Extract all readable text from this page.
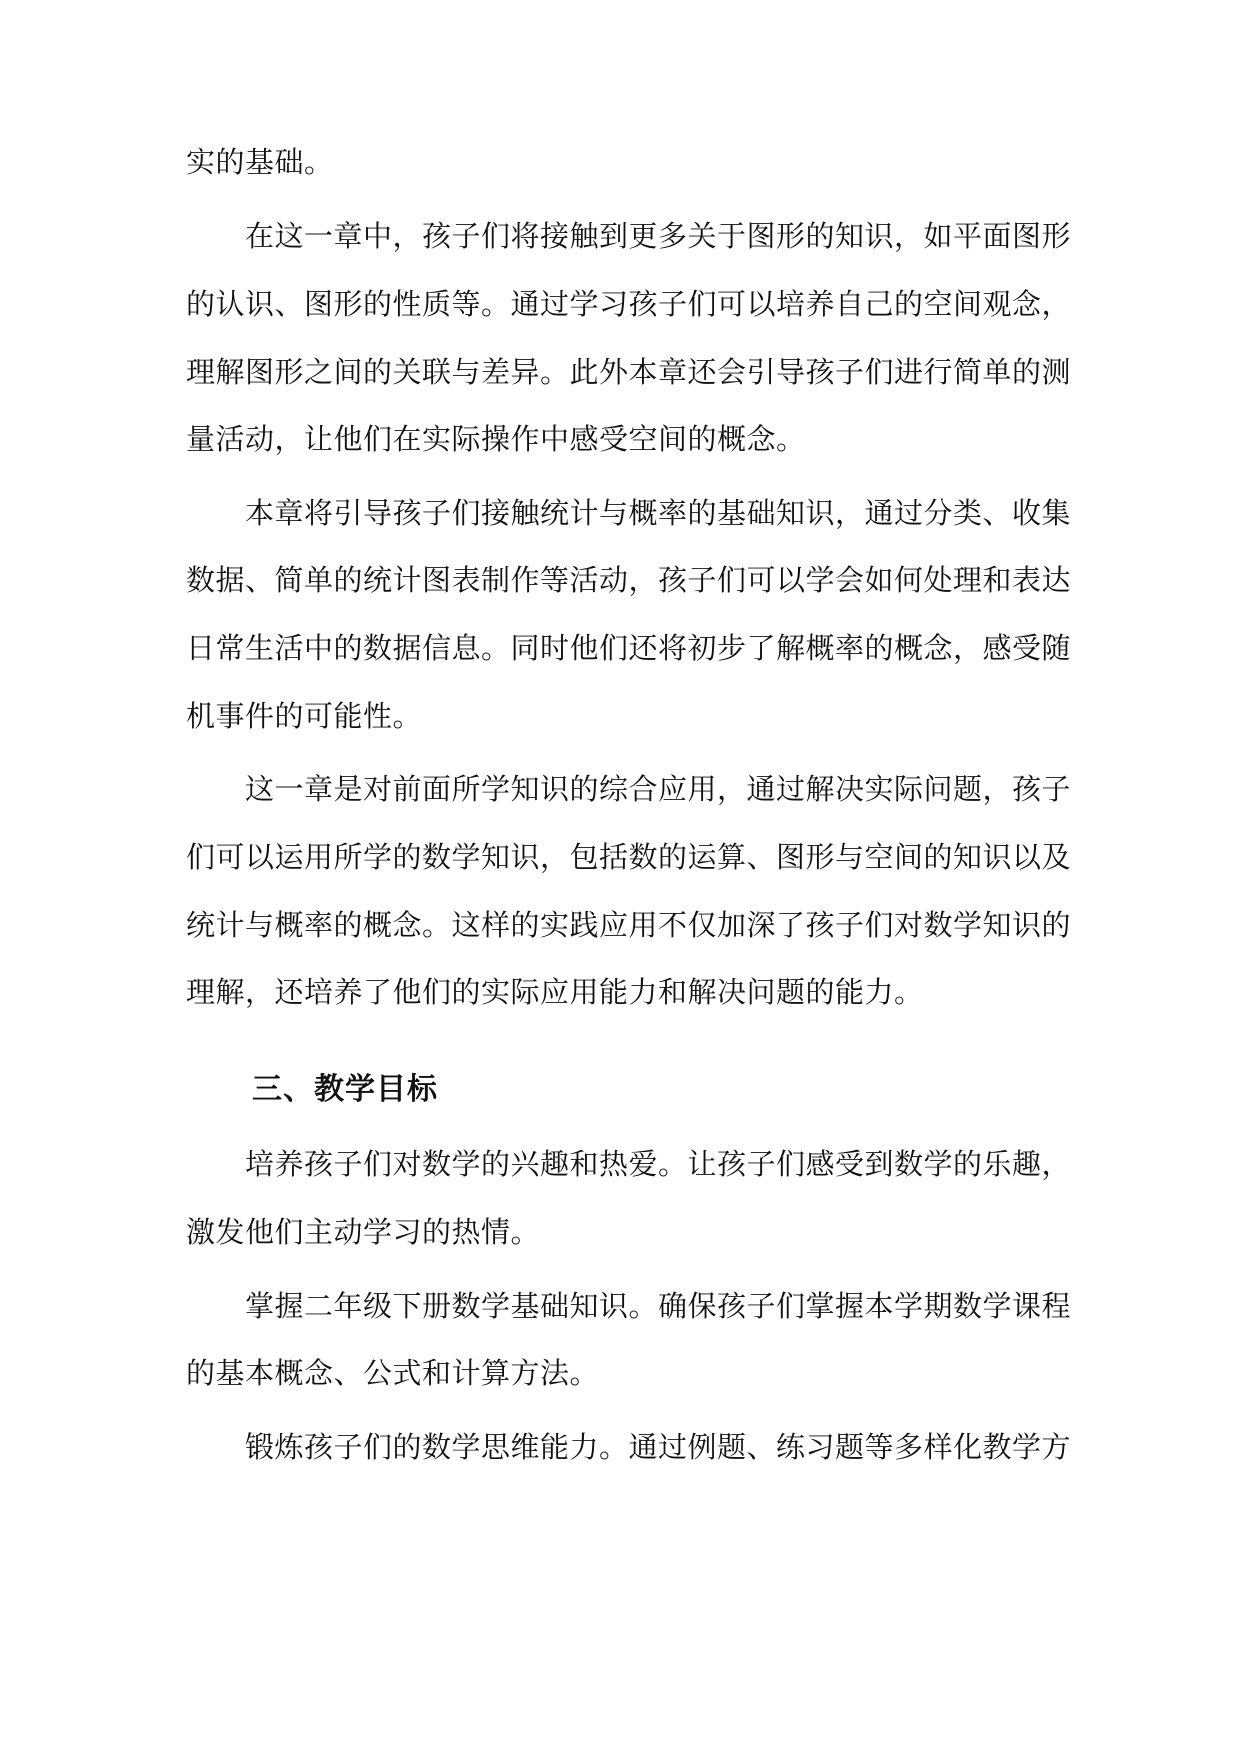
实的基础。
在这一章中，孩子们将接触到更多关于图形的知识，如平面图形
的认识、图形的性质等。通过学习孩子们可以培养自己的空间观念，
理解图形之间的关联与差异。此外本章还会引导孩子们进行简单的测
量活动，让他们在实际操作中感受空间的概念。
本章将引导孩子们接触统计与概率的基础知识，通过分类、收集
数据、简单的统计图表制作等活动，孩子们可以学会如何处理和表达
日常生活中的数据信息。同时他们还将初步了解概率的概念，感受随
机事件的可能性。
这一章是对前面所学知识的综合应用，通过解决实际问题，孩子
们可以运用所学的数学知识，包括数的运算、图形与空间的知识以及
统计与概率的概念。这样的实践应用不仅加深了孩子们对数学知识的
理解，还培养了他们的实际应用能力和解决问题的能力。
三、教学目标
培养孩子们对数学的兴趣和热爱。让孩子们感受到数学的乐趣，
激发他们主动学习的热情。
掌握二年级下册数学基础知识。确保孩子们掌握本学期数学课程
的基本概念、公式和计算方法。
锻炼孩子们的数学思维能力。通过例题、练习题等多样化教学方
